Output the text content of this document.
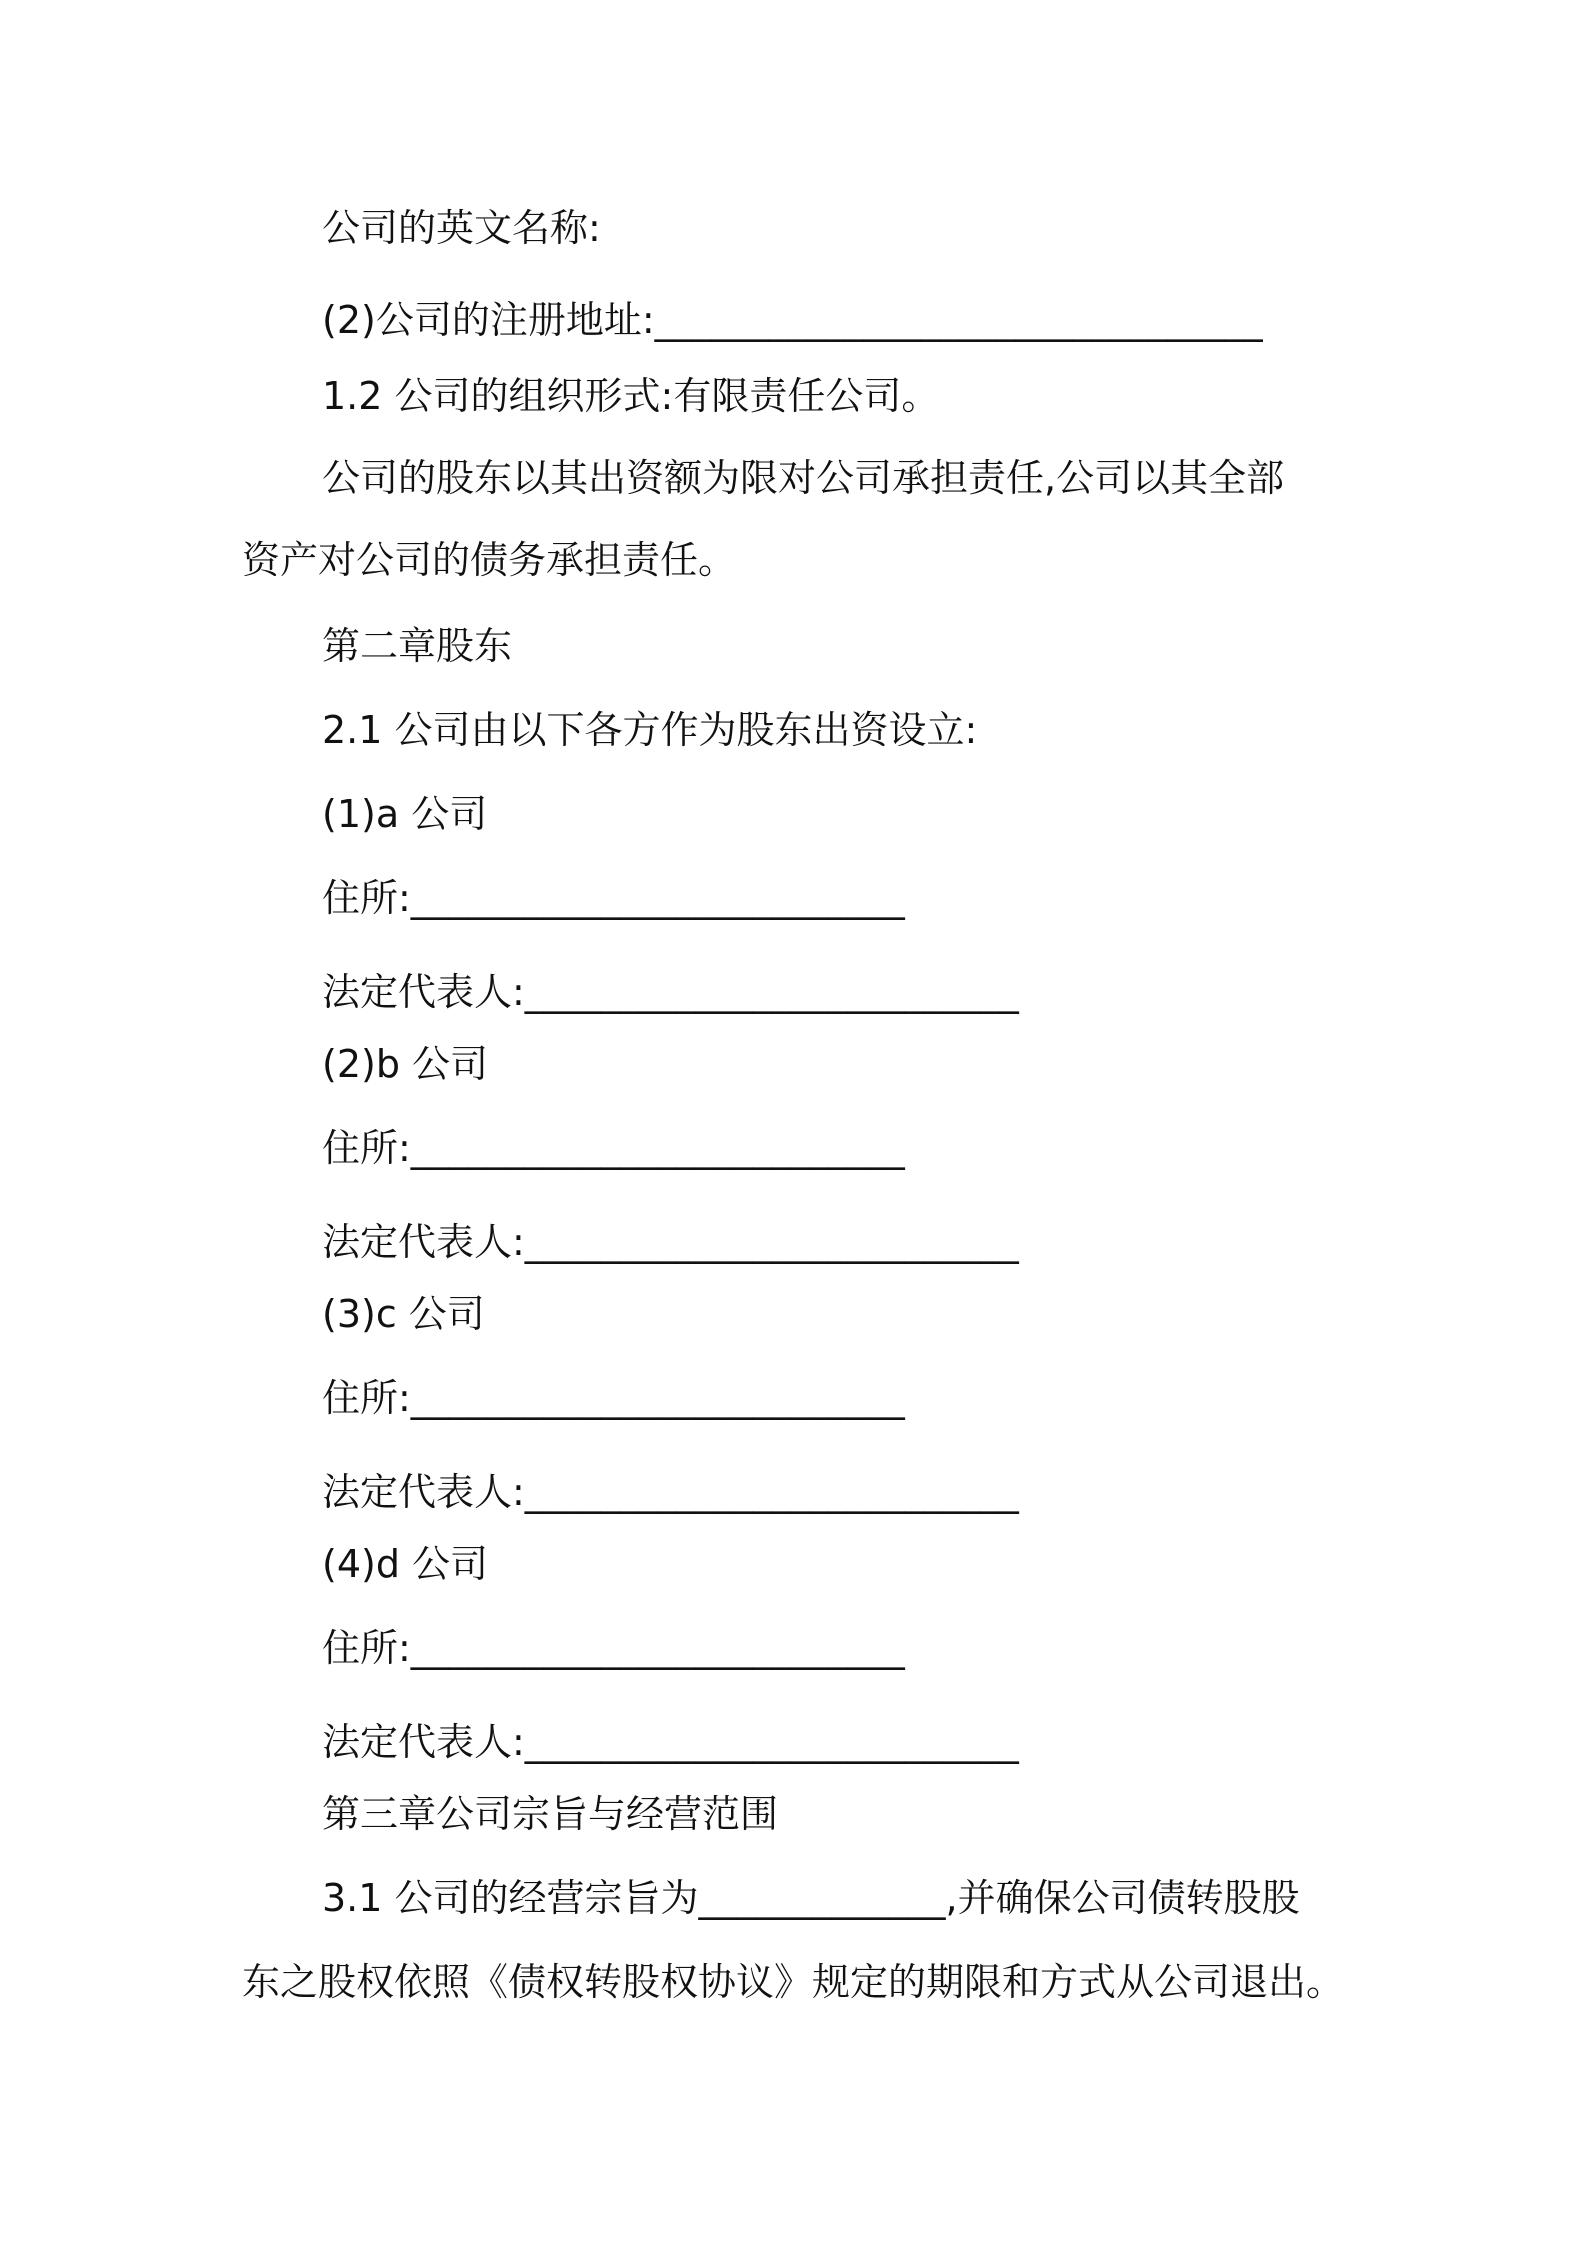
公司的英文名称:
(2)公司的注册地址:________________________________
1.2 公司的组织形式:有限责任公司。
公司的股东以其出资额为限对公司承担责任,公司以其全部
资产对公司的债务承担责任。
第二章股东
2.1 公司由以下各方作为股东出资设立:
(1)a 公司
住所:__________________________
法定代表人:__________________________
(2)b 公司
住所:__________________________
法定代表人:__________________________
(3)c 公司
住所:__________________________
法定代表人:__________________________
(4)d 公司
住所:__________________________
法定代表人:__________________________
第三章公司宗旨与经营范围
3.1 公司的经营宗旨为_____________,并确保公司债转股股
东之股权依照《债权转股权协议》规定的期限和方式从公司退出。
